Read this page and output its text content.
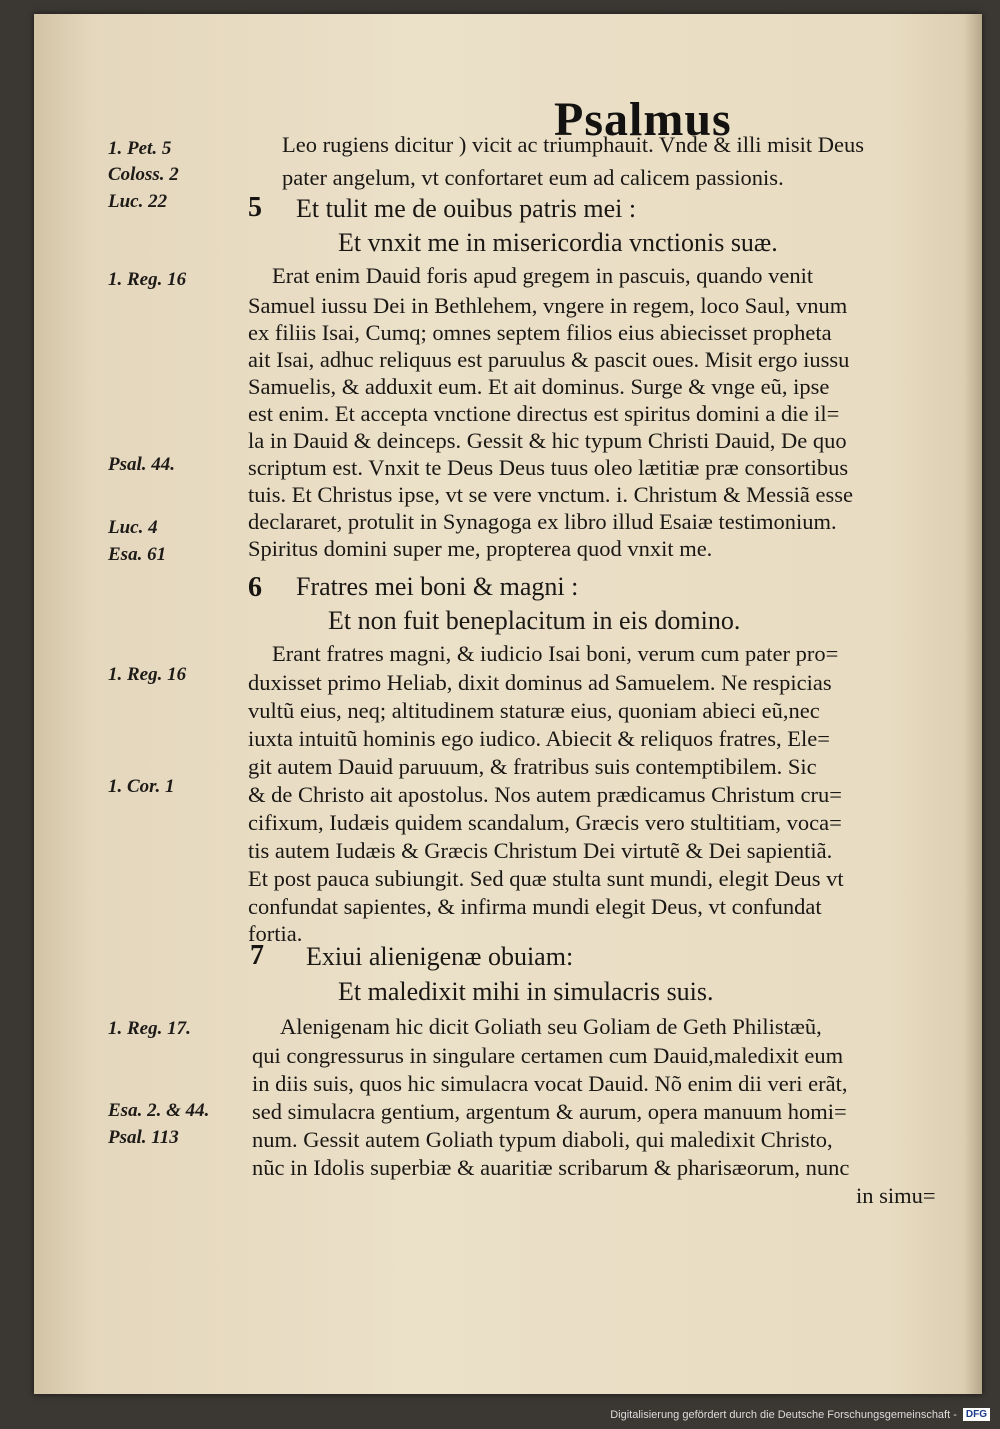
Psalmus
1. Pet. 5
Coloss. 2
Luc. 22
1. Reg. 16
Psal. 44.
Luc. 4
Esa. 61
1. Reg. 16
1. Cor. 1
1. Reg. 17.
Esa. 2. & 44.
Psal. 113
5
6
7
Leo rugiens dicitur ) vicit ac triumphauit. Vnde & illi misit Deus
pater angelum, vt confortaret eum ad calicem passionis.
Et tulit me de ouibus patris mei :
Et vnxit me in misericordia vnctionis suæ.
Erat enim Dauid foris apud gregem in pascuis, quando venit
Samuel iussu Dei in Bethlehem, vngere in regem, loco Saul, vnum
ex filiis Isai, Cumq; omnes septem filios eius abiecisset propheta
ait Isai, adhuc reliquus est paruulus & pascit oues. Misit ergo iussu
Samuelis, & adduxit eum. Et ait dominus. Surge & vnge eũ, ipse
est enim. Et accepta vnctione directus est spiritus domini a die il=
la in Dauid & deinceps. Gessit & hic typum Christi Dauid, De quo
scriptum est. Vnxit te Deus Deus tuus oleo lætitiæ præ consortibus
tuis. Et Christus ipse, vt se vere vnctum. i. Christum & Messiã esse
declararet, protulit in Synagoga ex libro illud Esaiæ testimonium.
Spiritus domini super me, propterea quod vnxit me.
Fratres mei boni & magni :
Et non fuit beneplacitum in eis domino.
Erant fratres magni, & iudicio Isai boni, verum cum pater pro=
duxisset primo Heliab, dixit dominus ad Samuelem. Ne respicias
vultũ eius, neq; altitudinem staturæ eius, quoniam abieci eũ,nec
iuxta intuitũ hominis ego iudico. Abiecit & reliquos fratres, Ele=
git autem Dauid paruuum, & fratribus suis contemptibilem. Sic
& de Christo ait apostolus. Nos autem prædicamus Christum cru=
cifixum, Iudæis quidem scandalum, Græcis vero stultitiam, voca=
tis autem Iudæis & Græcis Christum Dei virtutẽ & Dei sapientiã.
Et post pauca subiungit. Sed quæ stulta sunt mundi, elegit Deus vt
confundat sapientes, & infirma mundi elegit Deus, vt confundat
fortia.
Exiui alienigenæ obuiam:
Et maledixit mihi in simulacris suis.
Alenigenam hic dicit Goliath seu Goliam de Geth Philistæũ,
qui congressurus in singulare certamen cum Dauid,maledixit eum
in diis suis, quos hic simulacra vocat Dauid. Nõ enim dii veri erãt,
sed simulacra gentium, argentum & aurum, opera manuum homi=
num. Gessit autem Goliath typum diaboli, qui maledixit Christo,
nũc in Idolis superbiæ & auaritiæ scribarum & pharisæorum, nunc
in simu=
Digitalisierung gefördert durch die Deutsche Forschungsgemeinschaft - DFG
